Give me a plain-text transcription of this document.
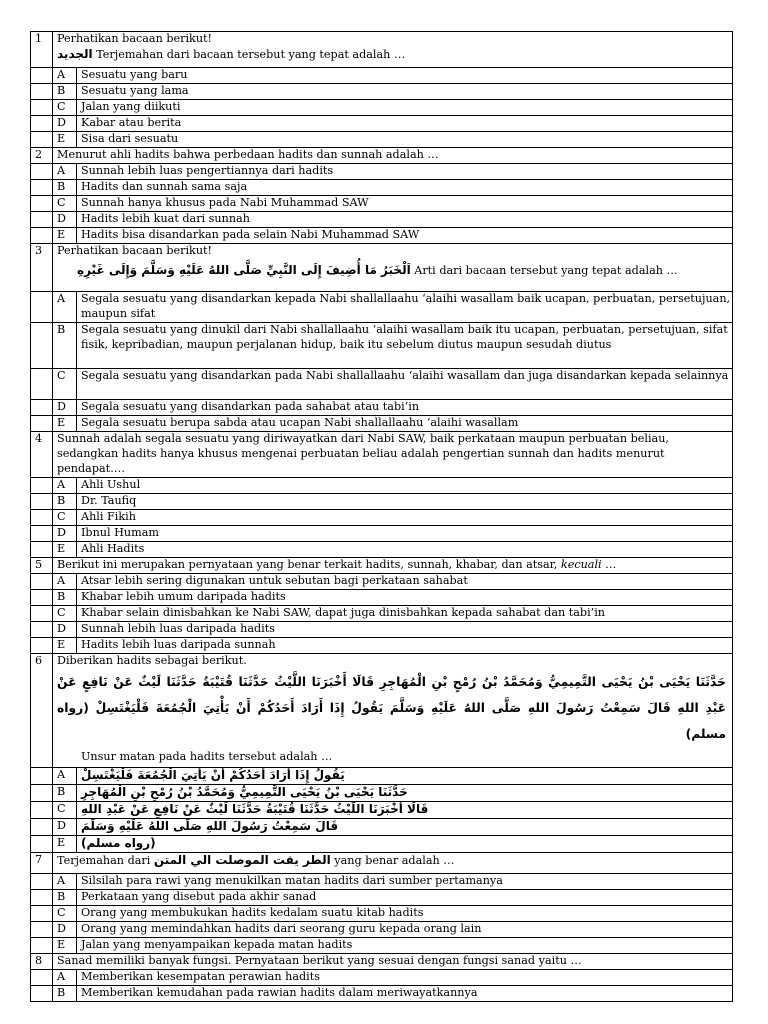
1	Perhatikan bacaan berikut!
الجديد Terjemahan dari bacaan tersebut yang tepat adalah …	
	A	Sesuatu yang baru
	B	Sesuatu yang lama
	C	Jalan yang diikuti
	D	Kabar atau berita
	E	Sisa dari sesuatu
2	Menurut ahli hadits bahwa perbedaan hadits dan sunnah adalah …	
	A	Sunnah lebih luas pengertiannya dari hadits
	B	Hadits dan sunnah sama saja
	C	Sunnah hanya khusus pada Nabi Muhammad SAW
	D	Hadits lebih kuat dari sunnah
	E	Hadits bisa disandarkan pada selain Nabi Muhammad SAW
3	Perhatikan bacaan berikut!
اَلْخَبَرُ مَا أُضِيفَ إِلَى النَّبِيِّ صَلَّى اللهُ عَلَيْهِ وَسَلَّمَ وَإِلَى غَيْرِهِ Arti dari bacaan tersebut yang tepat adalah …	
	A	Segala sesuatu yang disandarkan kepada Nabi shallallaahu ‘alaihi wasallam baik ucapan, perbuatan, persetujuan, maupun sifat
	B	Segala sesuatu yang dinukil dari Nabi shallallaahu ‘alaihi wasallam baik itu ucapan, perbuatan, persetujuan, sifat fisik, kepribadian, maupun perjalanan hidup, baik itu sebelum diutus maupun sesudah diutus
	C	Segala sesuatu yang disandarkan pada Nabi shallallaahu ‘alaihi wasallam dan juga disandarkan kepada selainnya
	D	Segala sesuatu yang disandarkan pada sahabat atau tabi’in
	E	Segala sesuatu berupa sabda atau ucapan Nabi shallallaahu ‘alaihi wasallam
4	Sunnah adalah segala sesuatu yang diriwayatkan dari Nabi SAW, baik perkataan maupun perbuatan beliau, sedangkan hadits hanya khusus mengenai perbuatan beliau adalah pengertian sunnah dan hadits menurut pendapat….	
	A	Ahli Ushul
	B	Dr. Taufiq
	C	Ahli Fikih
	D	Ibnul Humam
	E	Ahli Hadits
5	Berikut ini merupakan pernyataan yang benar terkait hadits, sunnah, khabar, dan atsar, kecuali …	
	A	Atsar lebih sering digunakan untuk sebutan bagi perkataan sahabat
	B	Khabar lebih umum daripada hadits
	C	Khabar selain dinisbahkan ke Nabi SAW, dapat juga dinisbahkan kepada sahabat dan tabi’in
	D	Sunnah lebih luas daripada hadits
	E	Hadits lebih luas daripada sunnah
6	Diberikan hadits sebagai berikut.
حَدَّثَنَا يَحْيَى بْنُ يَحْيَى التَّمِيمِيُّ وَمُحَمَّدُ بْنُ رُمْحٍ بْنِ الْمُهَاجِرِ قَالَا أَخْبَرَنَا اللَّيْثُ حَدَّثَنَا قُتَيْبَةُ حَدَّثَنَا لَيْثٌ عَنْ نَافِعٍ عَنْ عَبْدِ اللهِ قَالَ سَمِعْتُ رَسُولَ اللهِ صَلَّى اللهُ عَلَيْهِ وَسَلَّمَ يَقُولُ إِذَا أَرَادَ أَحَدُكُمْ أَنْ يَأْتِيَ الْجُمُعَةَ فَلْيَغْتَسِلْ (رواه مسلم)
Unsur matan pada hadits tersebut adalah …	

	A	يَقُولُ إِذَا أَرَادَ أَحَدُكُمْ أَنْ يَأْتِيَ الْجُمُعَةَ فَلْيَغْتَسِلْ
	B	حَدَّثَنَا يَحْيَى بْنُ يَحْيَى التَّمِيمِيُّ وَمُحَمَّدُ بْنُ رُمْحٍ بْنِ الْمُهَاجِرِ
	C	قَالَا أَخْبَرَنَا اللَّيْثُ حَدَّثَنَا قُتَيْبَةُ حَدَّثَنَا لَيْثٌ عَنْ نَافِعٍ عَنْ عَبْدِ اللهِ
	D	قَالَ سَمِعْتُ رَسُولَ اللهِ صَلَّى اللهُ عَلَيْهِ وَسَلَّمَ
	E	(رواه مسلم)
7	Terjemahan dari الطر يقت الموصلت الي المتن yang benar adalah …	
	A	Silsilah para rawi yang menukilkan matan hadits dari sumber pertamanya
	B	Perkataan yang disebut pada akhir sanad
	C	Orang yang membukukan hadits kedalam suatu kitab hadits
	D	Orang yang memindahkan hadits dari seorang guru kepada orang lain
	E	Jalan yang menyampaikan kepada matan hadits
8	Sanad memiliki banyak fungsi. Pernyataan berikut yang sesuai dengan fungsi sanad yaitu …	
	A	Memberikan kesempatan perawian hadits
	B	Memberikan kemudahan pada rawian hadits dalam meriwayatkannya
